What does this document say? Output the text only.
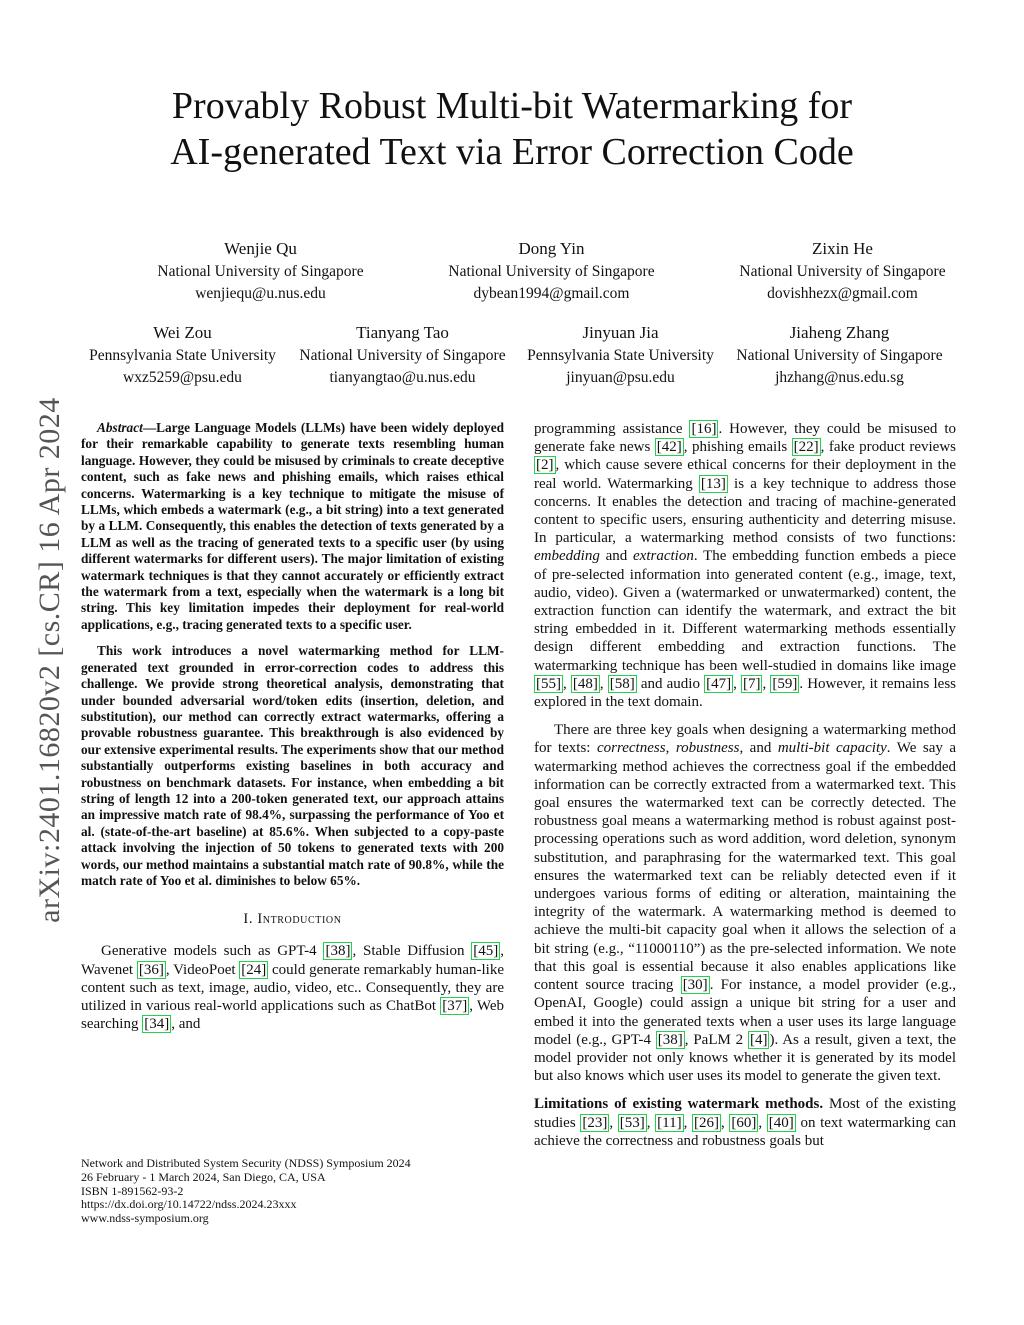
Provably Robust Multi-bit Watermarking for
AI-generated Text via Error Correction Code
Wenjie Qu
National University of Singapore
wenjiequ@u.nus.edu
Dong Yin
National University of Singapore
dybean1994@gmail.com
Zixin He
National University of Singapore
dovishhezx@gmail.com
Wei Zou
Pennsylvania State University
wxz5259@psu.edu
Tianyang Tao
National University of Singapore
tianyangtao@u.nus.edu
Jinyuan Jia
Pennsylvania State University
jinyuan@psu.edu
Jiaheng Zhang
National University of Singapore
jhzhang@nus.edu.sg
arXiv:2401.16820v2 [cs.CR] 16 Apr 2024	Abstract—Large Language Models (LLMs) have been widely deployed for their remarkable capability to generate texts resembling human language. However, they could be misused by criminals to create deceptive content, such as fake news and phishing emails, which raises ethical concerns. Watermarking is a key technique to mitigate the misuse of LLMs, which embeds a watermark (e.g., a bit string) into a text generated by a LLM. Consequently, this enables the detection of texts generated by a LLM as well as the tracing of generated texts to a specific user (by using different watermarks for different users). The major limitation of existing watermark techniques is that they cannot accurately or efficiently extract the watermark from a text, especially when the watermark is a long bit string. This key limitation impedes their deployment for real-world applications, e.g., tracing generated texts to a specific user.

This work introduces a novel watermarking method for LLM-generated text grounded in error-correction codes to address this challenge. We provide strong theoretical analysis, demonstrating that under bounded adversarial word/token edits (insertion, deletion, and substitution), our method can correctly extract watermarks, offering a provable robustness guarantee. This breakthrough is also evidenced by our extensive experimental results. The experiments show that our method substantially outperforms existing baselines in both accuracy and robustness on benchmark datasets. For instance, when embedding a bit string of length 12 into a 200-token generated text, our approach attains an impressive match rate of 98.4%, surpassing the performance of Yoo et al. (state-of-the-art baseline) at 85.6%. When subjected to a copy-paste attack involving the injection of 50 tokens to generated texts with 200 words, our method maintains a substantial match rate of 90.8%, while the match rate of Yoo et al. diminishes to below 65%.

I. Introduction

Generative models such as GPT-4 [38] , Stable Diffusion [45] , Wavenet [36] , VideoPoet [24] could generate remarkably human-like content such as text, image, audio, video, etc.. Consequently, they are utilized in various real-world applications such as ChatBot [37] , Web searching [34] , and

Network and Distributed System Security (NDSS) Symposium 2024
26 February - 1 March 2024, San Diego, CA, USA
ISBN 1-891562-93-2
https://dx.doi.org/10.14722/ndss.2024.23xxx
www.ndss-symposium.org

programming assistance [16] . However, they could be misused to generate fake news [42] , phishing emails [22] , fake product reviews [2] , which cause severe ethical concerns for their deployment in the real world. Watermarking [13] is a key technique to address those concerns. It enables the detection and tracing of machine-generated content to specific users, ensuring authenticity and deterring misuse. In particular, a watermarking method consists of two functions: embedding and extraction. The embedding function embeds a piece of pre-selected information into generated content (e.g., image, text, audio, video). Given a (watermarked or unwatermarked) content, the extraction function can identify the watermark, and extract the bit string embedded in it. Different watermarking methods essentially design different embedding and extraction functions. The watermarking technique has been well-studied in domains like image [55] , [48] , [58] and audio [47] , [7] , [59] . However, it remains less explored in the text domain.

There are three key goals when designing a watermarking method for texts: correctness, robustness, and multi-bit capacity. We say a watermarking method achieves the correctness goal if the embedded information can be correctly extracted from a watermarked text. This goal ensures the watermarked text can be correctly detected. The robustness goal means a watermarking method is robust against post-processing operations such as word addition, word deletion, synonym substitution, and paraphrasing for the watermarked text. This goal ensures the watermarked text can be reliably detected even if it undergoes various forms of editing or alteration, maintaining the integrity of the watermark. A watermarking method is deemed to achieve the multi-bit capacity goal when it allows the selection of a bit string (e.g., “11000110”) as the pre-selected information. We note that this goal is essential because it also enables applications like content source tracing [30] . For instance, a model provider (e.g., OpenAI, Google) could assign a unique bit string for a user and embed it into the generated texts when a user uses its large language model (e.g., GPT-4 [38] , PaLM 2 [4] ). As a result, given a text, the model provider not only knows whether it is generated by its model but also knows which user uses its model to generate the given text.

Limitations of existing watermark methods. Most of the existing studies [23] , [53] , [11] , [26] , [60] , [40] on text watermarking can achieve the correctness and robustness goals but
